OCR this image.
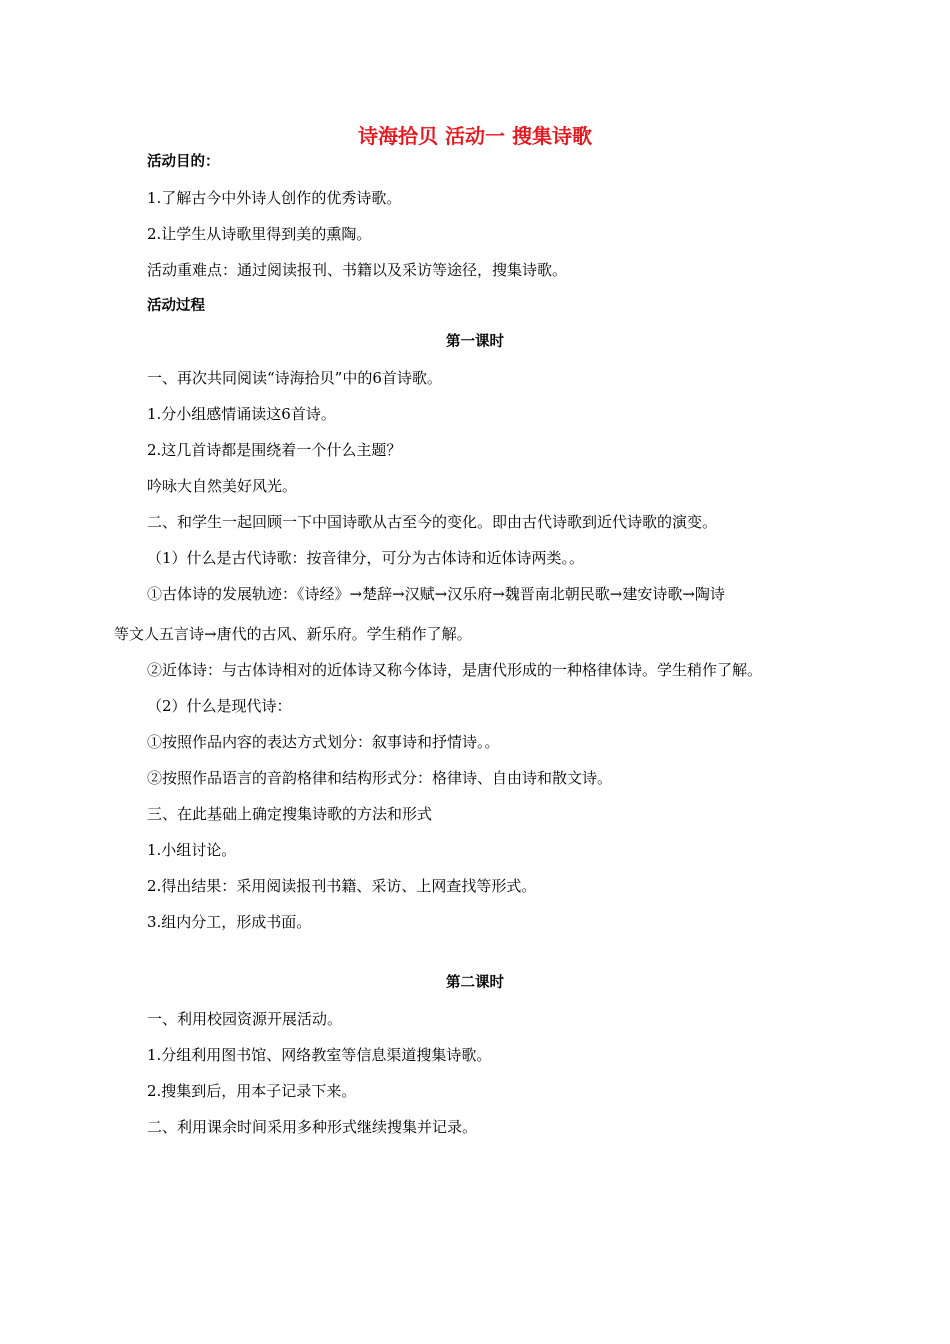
诗海拾贝 活动一 搜集诗歌
活动目的：
1.了解古今中外诗人创作的优秀诗歌。
2.让学生从诗歌里得到美的熏陶。
活动重难点：通过阅读报刊、书籍以及采访等途径，搜集诗歌。
活动过程
第一课时
一、再次共同阅读“诗海拾贝”中的6首诗歌。
1.分小组感情诵读这6首诗。
2.这几首诗都是围绕着一个什么主题？
吟咏大自然美好风光。
二、和学生一起回顾一下中国诗歌从古至今的变化。即由古代诗歌到近代诗歌的演变。
（1）什么是古代诗歌：按音律分，可分为古体诗和近体诗两类。。
①古体诗的发展轨迹：《诗经》→楚辞→汉赋→汉乐府→魏晋南北朝民歌→建安诗歌→陶诗
等文人五言诗→唐代的古风、新乐府。学生稍作了解。
②近体诗：与古体诗相对的近体诗又称今体诗，是唐代形成的一种格律体诗。学生稍作了解。
（2）什么是现代诗：
①按照作品内容的表达方式划分：叙事诗和抒情诗。。
②按照作品语言的音韵格律和结构形式分：格律诗、自由诗和散文诗。
三、在此基础上确定搜集诗歌的方法和形式
1.小组讨论。
2.得出结果：采用阅读报刊书籍、采访、上网查找等形式。
3.组内分工，形成书面。
第二课时
一、利用校园资源开展活动。
1.分组利用图书馆、网络教室等信息渠道搜集诗歌。
2.搜集到后，用本子记录下来。
二、利用课余时间采用多种形式继续搜集并记录。
